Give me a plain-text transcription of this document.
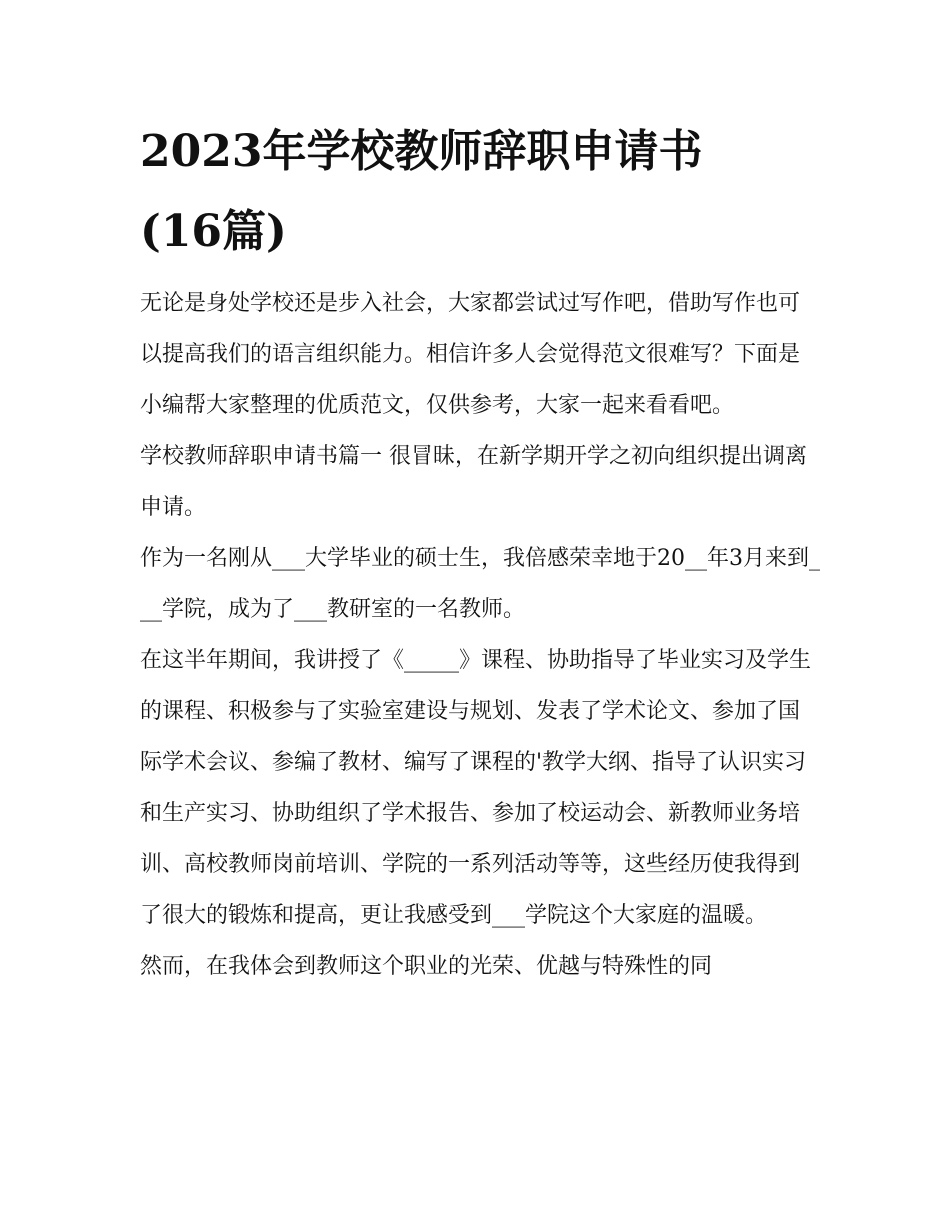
2023年学校教师辞职申请书
(16篇)

无论是身处学校还是步入社会，大家都尝试过写作吧，借助写作也可以提高我们的语言组织能力。相信许多人会觉得范文很难写？下面是小编帮大家整理的优质范文，仅供参考，大家一起来看看吧。

学校教师辞职申请书篇一 很冒昧，在新学期开学之初向组织提出调离申请。

作为一名刚从___大学毕业的硕士生，我倍感荣幸地于20__年3月来到___学院，成为了___教研室的一名教师。

在这半年期间，我讲授了《_____》课程、协助指导了毕业实习及学生的课程、积极参与了实验室建设与规划、发表了学术论文、参加了国际学术会议、参编了教材、编写了课程的'教学大纲、指导了认识实习和生产实习、协助组织了学术报告、参加了校运动会、新教师业务培训、高校教师岗前培训、学院的一系列活动等等，这些经历使我得到了很大的锻炼和提高，更让我感受到___学院这个大家庭的温暖。

然而，在我体会到教师这个职业的光荣、优越与特殊性的同
